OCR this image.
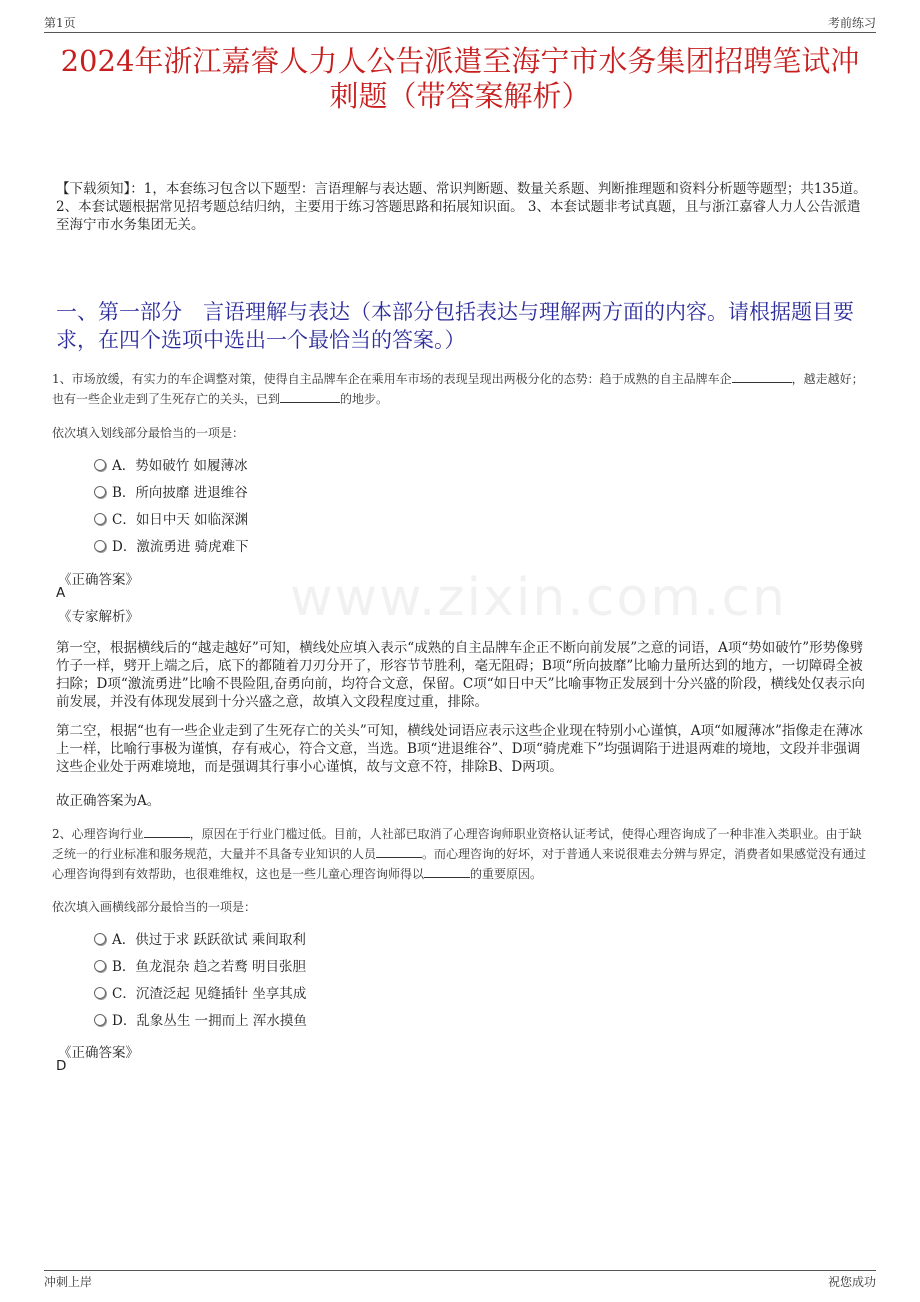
第1页	考前练习
2024年浙江嘉睿人力人公告派遣至海宁市水务集团招聘笔试冲刺题（带答案解析）
【下载须知】：1，本套练习包含以下题型：言语理解与表达题、常识判断题、数量关系题、判断推理题和资料分析题等题型；共135道。 2、本套试题根据常见招考题总结归纳，主要用于练习答题思路和拓展知识面。 3、本套试题非考试真题，且与浙江嘉睿人力人公告派遣至海宁市水务集团无关。
一、第一部分　言语理解与表达（本部分包括表达与理解两方面的内容。请根据题目要求，在四个选项中选出一个最恰当的答案。）
1、市场放缓，有实力的车企调整对策，使得自主品牌车企在乘用车市场的表现呈现出两极分化的态势：趋于成熟的自主品牌车企	，越走越好；也有一些企业走到了生死存亡的关头，已到	的地步。
依次填入划线部分最恰当的一项是：
A．势如破竹 如履薄冰
B．所向披靡 进退维谷
C．如日中天 如临深渊
D．激流勇进 骑虎难下
《正确答案》
A
《专家解析》
第一空，根据横线后的“越走越好”可知，横线处应填入表示“成熟的自主品牌车企正不断向前发展”之意的词语，A项“势如破竹”形势像劈竹子一样，劈开上端之后，底下的都随着刀刃分开了，形容节节胜利，毫无阻碍；B项“所向披靡”比喻力量所达到的地方，一切障碍全被扫除；D项“激流勇进”比喻不畏险阻,奋勇向前，均符合文意，保留。C项“如日中天”比喻事物正发展到十分兴盛的阶段，横线处仅表示向前发展，并没有体现发展到十分兴盛之意，故填入文段程度过重，排除。
第二空，根据“也有一些企业走到了生死存亡的关头”可知，横线处词语应表示这些企业现在特别小心谨慎，A项“如履薄冰”指像走在薄冰上一样，比喻行事极为谨慎，存有戒心，符合文意，当选。B项“进退维谷”、D项“骑虎难下”均强调陷于进退两难的境地，文段并非强调这些企业处于两难境地，而是强调其行事小心谨慎，故与文意不符，排除B、D两项。
故正确答案为A。
www.zixin.com.cn
2、心理咨询行业	，原因在于行业门槛过低。目前，人社部已取消了心理咨询师职业资格认证考试，使得心理咨询成了一种非准入类职业。由于缺乏统一的行业标准和服务规范，大量并不具备专业知识的人员	。而心理咨询的好坏，对于普通人来说很难去分辨与界定，消费者如果感觉没有通过心理咨询得到有效帮助，也很难维权，这也是一些儿童心理咨询师得以	的重要原因。
依次填入画横线部分最恰当的一项是：
A．供过于求 跃跃欲试 乘间取利
B．鱼龙混杂 趋之若鹜 明目张胆
C．沉渣泛起 见缝插针 坐享其成
D．乱象丛生 一拥而上 浑水摸鱼
《正确答案》
D
冲刺上岸	祝您成功
